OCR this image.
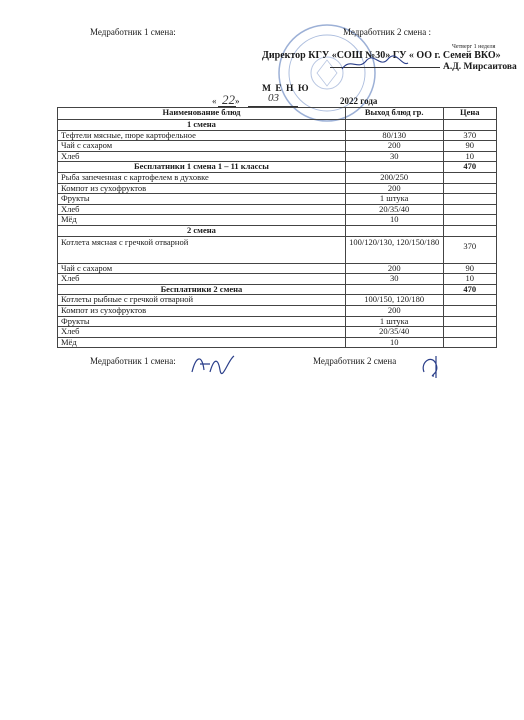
Медработник 1 смена:	Медработник 2 смена :
Четверг 1 неделя
Директор КГУ «СОШ №30» ГУ « ОО г. Семей ВКО»
А.Д. Мирсаитова
М Е Н Ю
« 22 »	03	2022 года
Наименование блюд	Выход блюд гр.	Цена
1 смена		
Тефтели мясные, пюре картофельное	80/130	370
Чай с сахаром	200	90
Хлеб	30	10
Бесплатники 1 смена 1 – 11 классы		470
Рыба запеченная с картофелем в духовке	200/250	
Компот из сухофруктов	200	
Фрукты	1 штука	
Хлеб	20/35/40	
Мёд	10	
2 смена		
Котлета мясная с гречкой отварной	100/120/130, 120/150/180	370
Чай с сахаром	200	90
Хлеб	30	10
Бесплатники 2 смена		470
Котлеты рыбные с гречкой отварной	100/150, 120/180	
Компот из сухофруктов	200	
Фрукты	1 штука	
Хлеб	20/35/40	
Мёд	10	
Медработник 1 смена:	Медработник 2 смена
